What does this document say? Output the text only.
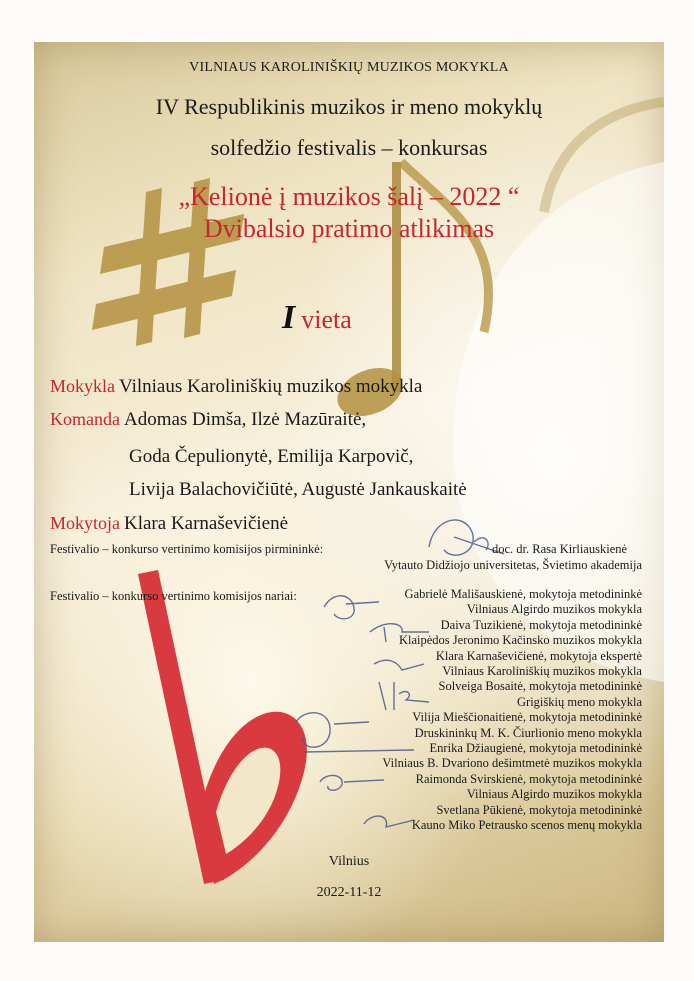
VILNIAUS KAROLINIŠKIŲ MUZIKOS MOKYKLA
IV Respublikinis muzikos ir meno mokyklų
solfedžio festivalis – konkursas
„Kelionė į muzikos šalį – 2022 “
Dvibalsio pratimo atlikimas
I vieta
Mokykla Vilniaus Karoliniškių muzikos mokykla
Komanda Adomas Dimša, Ilzė Mazūraitė,
Goda Čepulionytė, Emilija Karpovič,
Livija Balachovičiūtė, Augustė Jankauskaitė
Mokytoja Klara Karnaševičienė
Festivalio – konkurso vertinimo komisijos pirmininkė:	doc. dr. Rasa Kirliauskienė
Vytauto Didžiojo universitetas, Švietimo akademija
Festivalio – konkurso vertinimo komisijos nariai:	Gabrielė Mališauskienė, mokytoja metodininkė
Vilniaus Algirdo muzikos mokykla
Daiva Tuzikienė, mokytoja metodininkė
Klaipėdos Jeronimo Kačinsko muzikos mokykla
Klara Karnaševičienė, mokytoja ekspertė
Vilniaus Karoliniškių muzikos mokykla
Solveiga Bosaitė, mokytoja metodininkė
Grigiškių meno mokykla
Vilija Mieščionaitienė, mokytoja metodininkė
Druskininkų M. K. Čiurlionio meno mokykla
Enrika Džiaugienė, mokytoja metodininkė
Vilniaus B. Dvariono dešimtmetė muzikos mokykla
Raimonda Svirskienė, mokytoja metodininkė
Vilniaus Algirdo muzikos mokykla
Svetlana Pūkienė, mokytoja metodininkė
Kauno Miko Petrausko scenos menų mokykla
Vilnius
2022-11-12
